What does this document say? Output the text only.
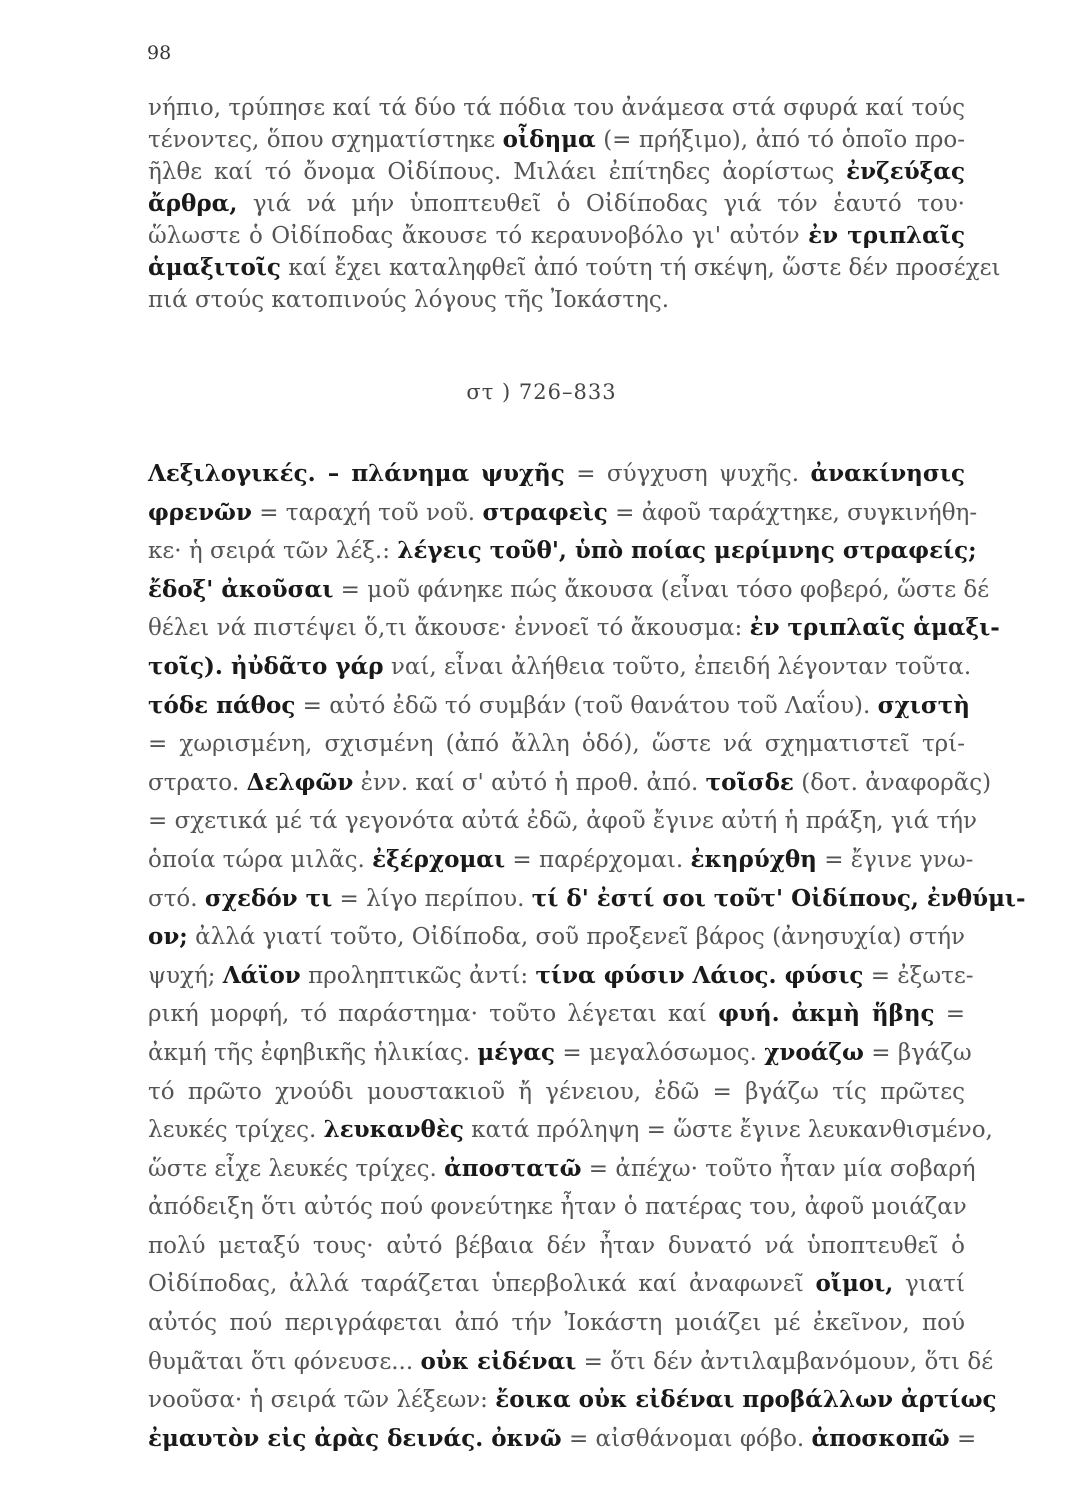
98
νήπιο, τρύπησε καί τά δύο τά πόδια του ἀνάμεσα στά σφυρά καί τούς
τένοντες, ὅπου σχηματίστηκε οἶδημα (= πρήξιμο), ἀπό τό ὁποῖο προ-
ῆλθε καί τό ὄνομα Οἰδίπους. Μιλάει ἐπίτηδες ἀορίστως ἐνζεύξας
ἄρθρα, γιά νά μήν ὑποπτευθεῖ ὁ Οἰδίποδας γιά τόν ἑαυτό του·
ὥλωστε ὁ Οἰδίποδας ἄκουσε τό κεραυνοβόλο γι' αὐτόν ἐν τριπλαῖς
ἁμαξιτοῖς καί ἔχει καταληφθεῖ ἀπό τούτη τή σκέψη, ὥστε δέν προσέχει
πιά στούς κατοπινούς λόγους τῆς Ἰοκάστης.
στ ) 726–833
Λεξιλογικές. – πλάνημα ψυχῆς = σύγχυση ψυχῆς. ἀνακίνησις
φρενῶν = ταραχή τοῦ νοῦ. στραφεὶς = ἀφοῦ ταράχτηκε, συγκινήθη-
κε· ἡ σειρά τῶν λέξ.: λέγεις τοῦθ', ὑπὸ ποίας μερίμνης στραφείς;
ἔδοξ' ἀκοῦσαι = μοῦ φάνηκε πώς ἄκουσα (εἶναι τόσο φοβερό, ὥστε δέ
θέλει νά πιστέψει ὅ,τι ἄκουσε· ἐννοεῖ τό ἄκουσμα: ἐν τριπλαῖς ἁμαξι-
τοῖς). ἠὐδᾶτο γάρ ναί, εἶναι ἀλήθεια τοῦτο, ἐπειδή λέγονταν τοῦτα.
τόδε πάθος = αὐτό ἐδῶ τό συμβάν (τοῦ θανάτου τοῦ Λαΐου). σχιστὴ
= χωρισμένη, σχισμένη (ἀπό ἄλλη ὁδό), ὥστε νά σχηματιστεῖ τρί-
στρατο. Δελφῶν ἐνν. καί σ' αὐτό ἡ προθ. ἀπό. τοῖσδε (δοτ. ἀναφορᾶς)
= σχετικά μέ τά γεγονότα αὐτά ἐδῶ, ἀφοῦ ἔγινε αὐτή ἡ πράξη, γιά τήν
ὁποία τώρα μιλᾶς. ἐξέρχομαι = παρέρχομαι. ἐκηρύχθη = ἔγινε γνω-
στό. σχεδόν τι = λίγο περίπου. τί δ' ἐστί σοι τοῦτ' Οἰδίπους, ἐνθύμι-
ον; ἀλλά γιατί τοῦτο, Οἰδίποδα, σοῦ προξενεῖ βάρος (ἀνησυχία) στήν
ψυχή; Λάϊον προληπτικῶς ἀντί: τίνα φύσιν Λάιος. φύσις = ἐξωτε-
ρική μορφή, τό παράστημα· τοῦτο λέγεται καί φυή. ἀκμὴ ἥβης =
ἀκμή τῆς ἐφηβικῆς ἡλικίας. μέγας = μεγαλόσωμος. χνοάζω = βγάζω
τό πρῶτο χνούδι μουστακιοῦ ἤ γένειου, ἐδῶ = βγάζω τίς πρῶτες
λευκές τρίχες. λευκανθὲς κατά πρόληψη = ὥστε ἔγινε λευκανθισμένο,
ὥστε εἶχε λευκές τρίχες. ἀποστατῶ = ἀπέχω· τοῦτο ἦταν μία σοβαρή
ἀπόδειξη ὅτι αὐτός πού φονεύτηκε ἦταν ὁ πατέρας του, ἀφοῦ μοιάζαν
πολύ μεταξύ τους· αὐτό βέβαια δέν ἦταν δυνατό νά ὑποπτευθεῖ ὁ
Οἰδίποδας, ἀλλά ταράζεται ὑπερβολικά καί ἀναφωνεῖ οἴμοι, γιατί
αὐτός πού περιγράφεται ἀπό τήν Ἰοκάστη μοιάζει μέ ἐκεῖνον, πού
θυμᾶται ὅτι φόνευσε... οὐκ εἰδέναι = ὅτι δέν ἀντιλαμβανόμουν, ὅτι δέ
νοοῦσα· ἡ σειρά τῶν λέξεων: ἔοικα οὐκ εἰδέναι προβάλλων ἀρτίως
ἐμαυτὸν εἰς ἀρὰς δεινάς. ὀκνῶ = αἰσθάνομαι φόβο. ἀποσκοπῶ =
